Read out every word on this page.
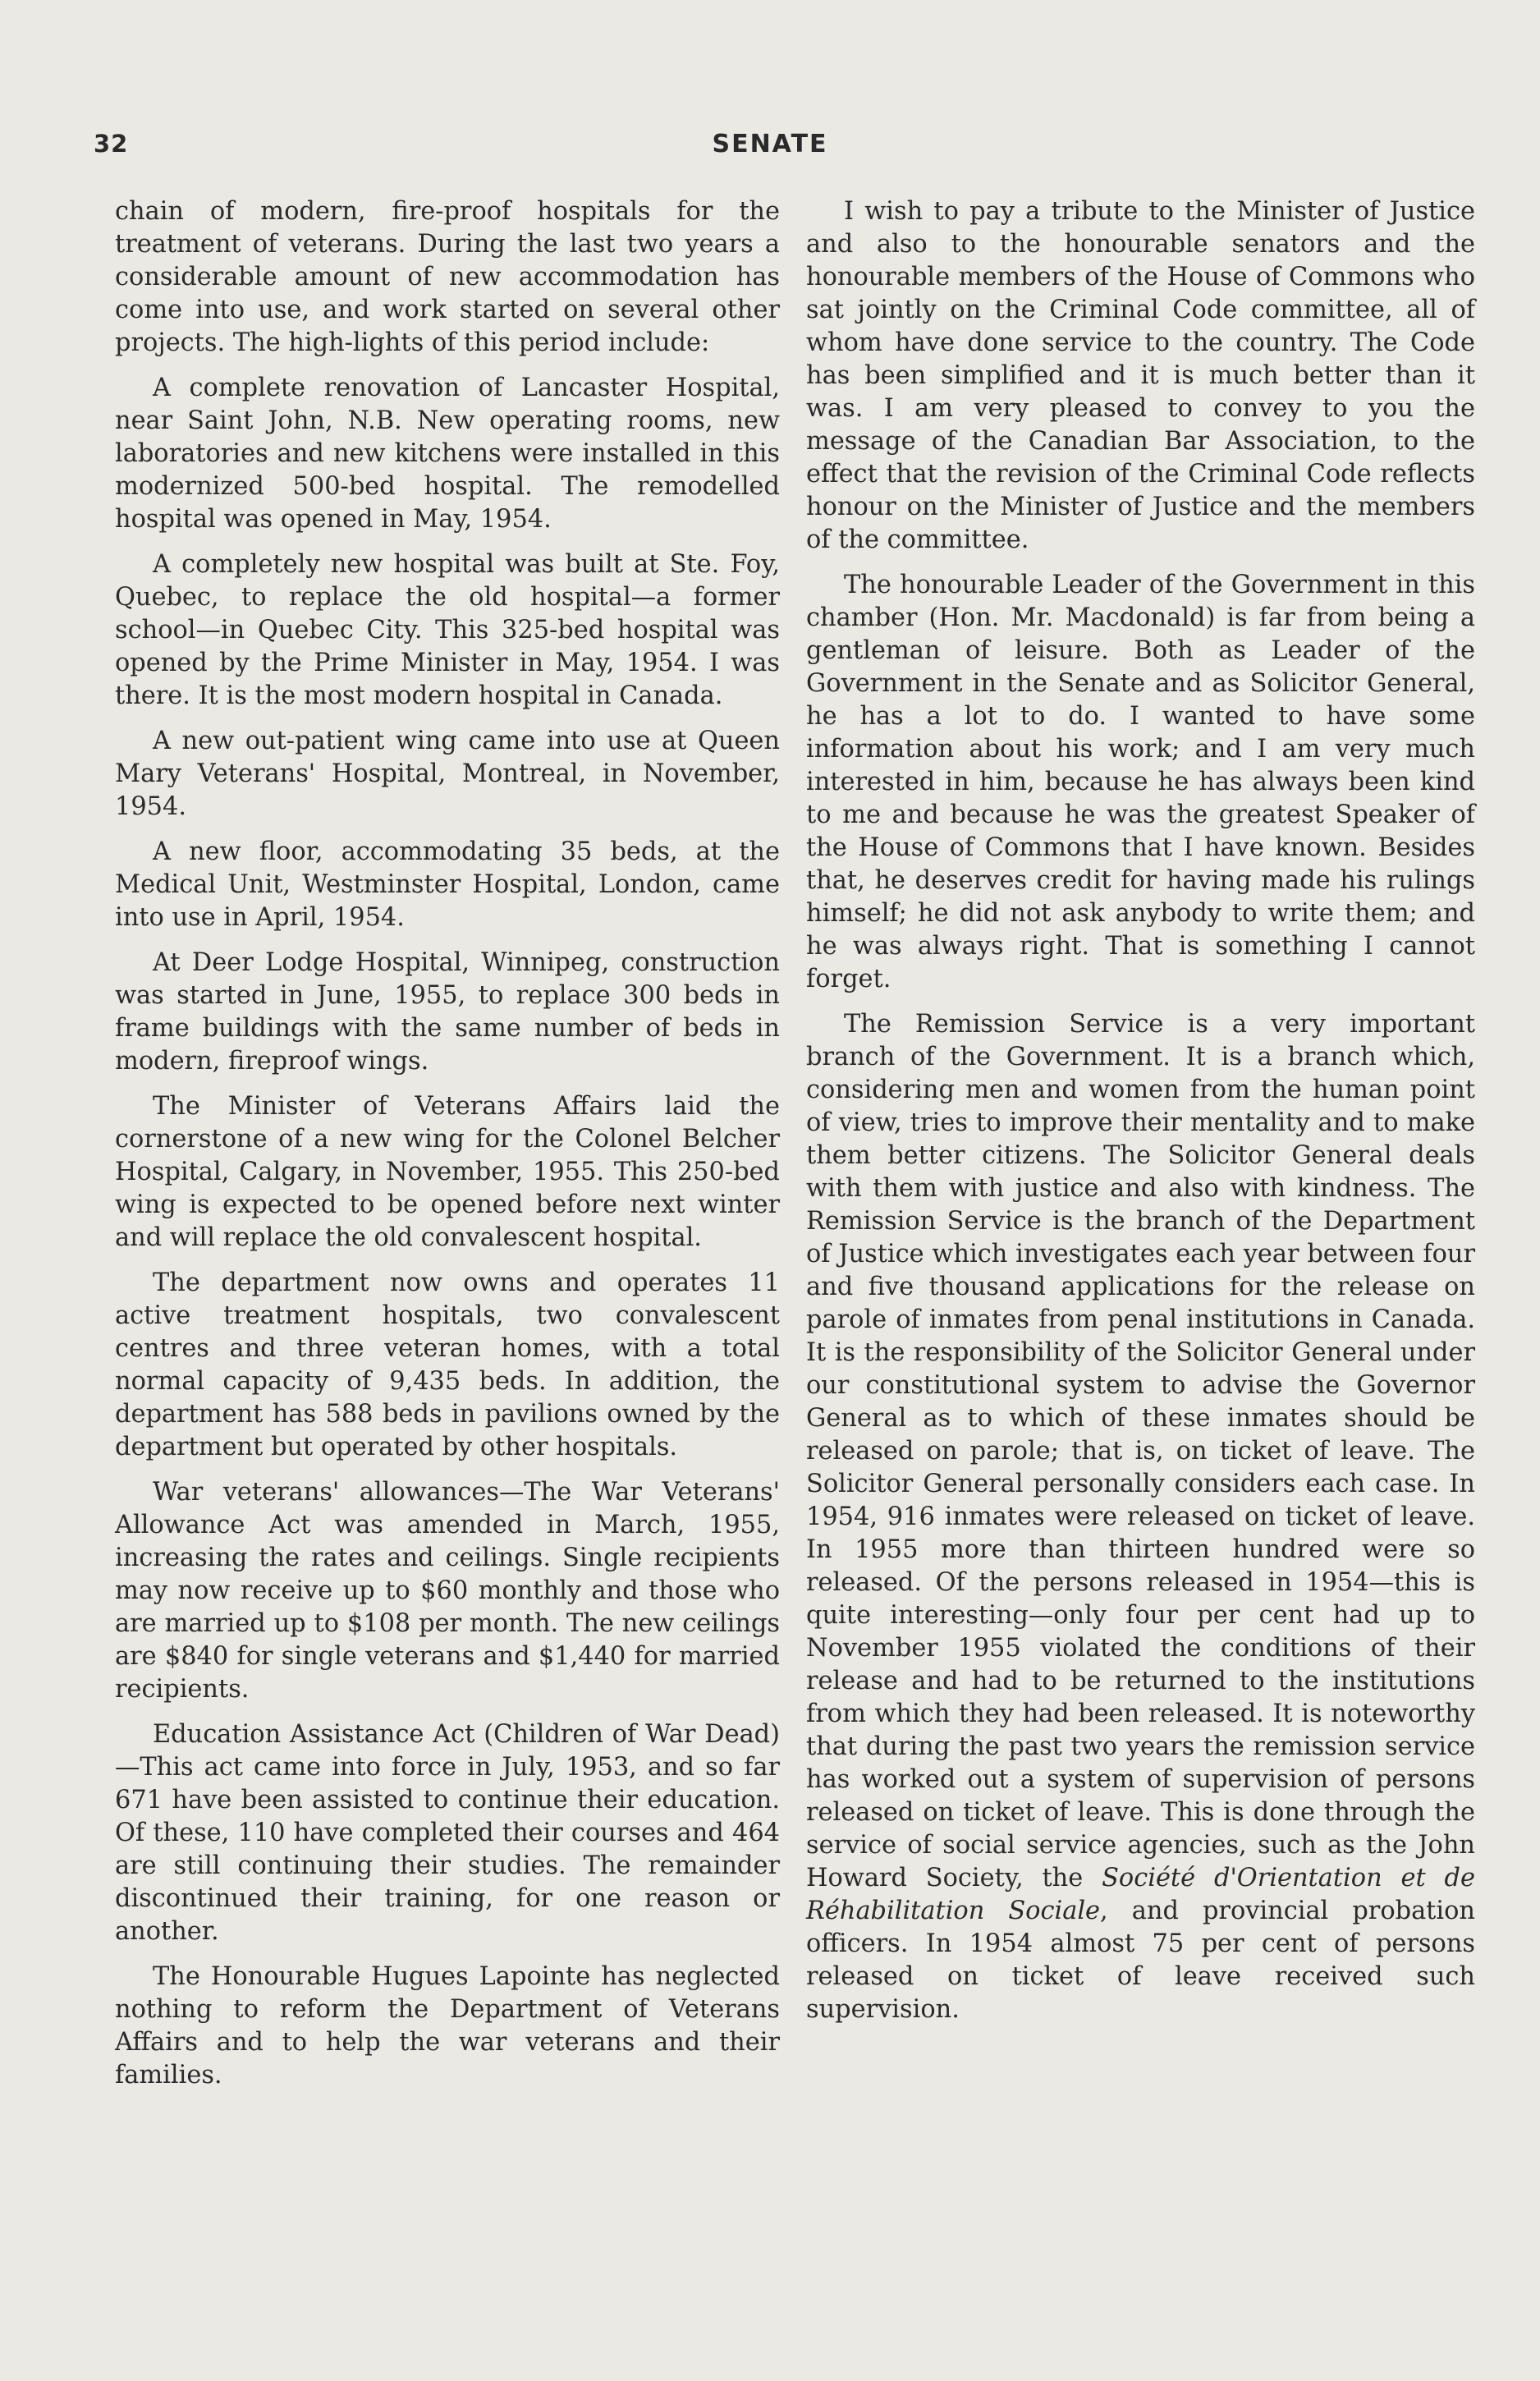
32	SENATE

chain of modern, fire-proof hospitals for the treatment of veterans. During the last two years a considerable amount of new accommodation has come into use, and work started on several other projects. The high-lights of this period include:

A complete renovation of Lancaster Hospital, near Saint John, N.B. New operating rooms, new laboratories and new kitchens were installed in this modernized 500-bed hospital. The remodelled hospital was opened in May, 1954.

A completely new hospital was built at Ste. Foy, Quebec, to replace the old hospital—a former school—in Quebec City. This 325-bed hospital was opened by the Prime Minister in May, 1954. I was there. It is the most modern hospital in Canada.

A new out-patient wing came into use at Queen Mary Veterans' Hospital, Montreal, in November, 1954.

A new floor, accommodating 35 beds, at the Medical Unit, Westminster Hospital, London, came into use in April, 1954.

At Deer Lodge Hospital, Winnipeg, construction was started in June, 1955, to replace 300 beds in frame buildings with the same number of beds in modern, fireproof wings.

The Minister of Veterans Affairs laid the cornerstone of a new wing for the Colonel Belcher Hospital, Calgary, in November, 1955. This 250-bed wing is expected to be opened before next winter and will replace the old convalescent hospital.

The department now owns and operates 11 active treatment hospitals, two convalescent centres and three veteran homes, with a total normal capacity of 9,435 beds. In addition, the department has 588 beds in pavilions owned by the department but operated by other hospitals.

War veterans' allowances—The War Veterans' Allowance Act was amended in March, 1955, increasing the rates and ceilings. Single recipients may now receive up to $60 monthly and those who are married up to $108 per month. The new ceilings are $840 for single veterans and $1,440 for married recipients.

Education Assistance Act (Children of War Dead)—This act came into force in July, 1953, and so far 671 have been assisted to continue their education. Of these, 110 have completed their courses and 464 are still continuing their studies. The remainder discontinued their training, for one reason or another.

The Honourable Hugues Lapointe has neglected nothing to reform the Department of Veterans Affairs and to help the war veterans and their families.

I wish to pay a tribute to the Minister of Justice and also to the honourable senators and the honourable members of the House of Commons who sat jointly on the Criminal Code committee, all of whom have done service to the country. The Code has been simplified and it is much better than it was. I am very pleased to convey to you the message of the Canadian Bar Association, to the effect that the revision of the Criminal Code reflects honour on the Minister of Justice and the members of the committee.

The honourable Leader of the Government in this chamber (Hon. Mr. Macdonald) is far from being a gentleman of leisure. Both as Leader of the Government in the Senate and as Solicitor General, he has a lot to do. I wanted to have some information about his work; and I am very much interested in him, because he has always been kind to me and because he was the greatest Speaker of the House of Commons that I have known. Besides that, he deserves credit for having made his rulings himself; he did not ask anybody to write them; and he was always right. That is something I cannot forget.

The Remission Service is a very important branch of the Government. It is a branch which, considering men and women from the human point of view, tries to improve their mentality and to make them better citizens. The Solicitor General deals with them with justice and also with kindness. The Remission Service is the branch of the Department of Justice which investigates each year between four and five thousand applications for the release on parole of inmates from penal institutions in Canada. It is the responsibility of the Solicitor General under our constitutional system to advise the Governor General as to which of these inmates should be released on parole; that is, on ticket of leave. The Solicitor General personally considers each case. In 1954, 916 inmates were released on ticket of leave. In 1955 more than thirteen hundred were so released. Of the persons released in 1954—this is quite interesting—only four per cent had up to November 1955 violated the conditions of their release and had to be returned to the institutions from which they had been released. It is noteworthy that during the past two years the remission service has worked out a system of supervision of persons released on ticket of leave. This is done through the service of social service agencies, such as the John Howard Society, the Société d'Orientation et de Réhabilitation Sociale, and provincial probation officers. In 1954 almost 75 per cent of persons released on ticket of leave received such supervision.
